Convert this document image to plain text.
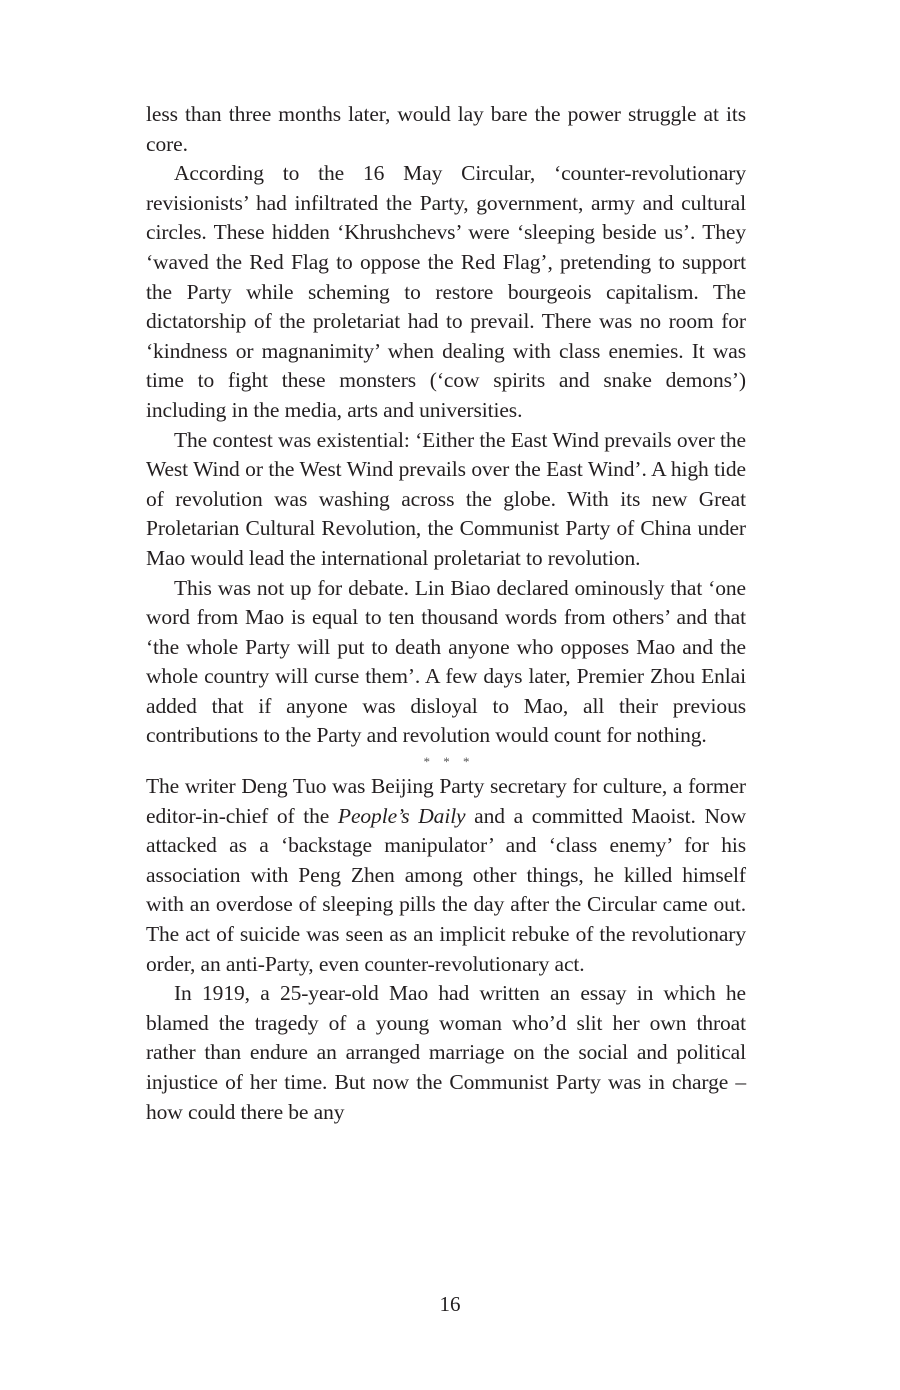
less than three months later, would lay bare the power struggle at its core.

According to the 16 May Circular, ‘counter-revolutionary revisionists’ had infiltrated the Party, government, army and cultural circles. These hidden ‘Khrushchevs’ were ‘sleeping beside us’. They ‘waved the Red Flag to oppose the Red Flag’, pretending to support the Party while scheming to restore bourgeois capitalism. The dictatorship of the proletariat had to prevail. There was no room for ‘kindness or magnanimity’ when dealing with class enemies. It was time to fight these monsters (‘cow spirits and snake demons’) including in the media, arts and universities.

The contest was existential: ‘Either the East Wind prevails over the West Wind or the West Wind prevails over the East Wind’. A high tide of revolution was washing across the globe. With its new Great Proletarian Cultural Revolution, the Communist Party of China under Mao would lead the international proletariat to revolution.

This was not up for debate. Lin Biao declared ominously that ‘one word from Mao is equal to ten thousand words from others’ and that ‘the whole Party will put to death anyone who opposes Mao and the whole country will curse them’. A few days later, Premier Zhou Enlai added that if anyone was disloyal to Mao, all their previous contributions to the Party and revolution would count for nothing.

* * *

The writer Deng Tuo was Beijing Party secretary for culture, a former editor-in-chief of the People’s Daily and a committed Maoist. Now attacked as a ‘backstage manipulator’ and ‘class enemy’ for his association with Peng Zhen among other things, he killed himself with an overdose of sleeping pills the day after the Circular came out. The act of suicide was seen as an implicit rebuke of the revolutionary order, an anti-Party, even counter-revolutionary act.

In 1919, a 25-year-old Mao had written an essay in which he blamed the tragedy of a young woman who’d slit her own throat rather than endure an arranged marriage on the social and political injustice of her time. But now the Communist Party was in charge – how could there be any

16
